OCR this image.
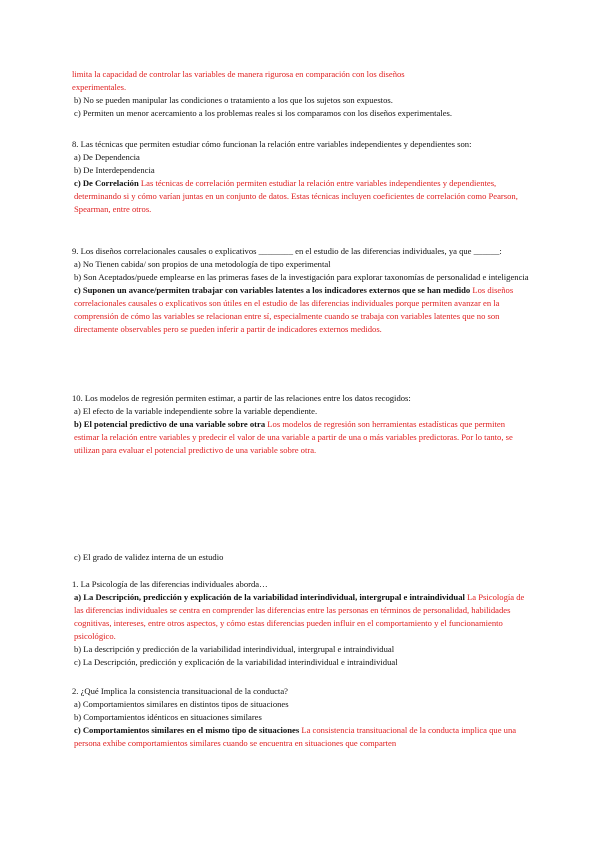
limita la capacidad de controlar las variables de manera rigurosa en comparación con los diseños

experimentales.

b) No se pueden manipular las condiciones o tratamiento a los que los sujetos son expuestos.

c) Permiten un menor acercamiento a los problemas reales si los comparamos con los diseños experimentales.

8. Las técnicas que permiten estudiar cómo funcionan la relación entre variables independientes y dependientes son:

a) De Dependencia

b) De Interdependencia

c) De Correlación Las técnicas de correlación permiten estudiar la relación entre variables independientes y dependientes, determinando si y cómo varían juntas en un conjunto de datos. Estas técnicas incluyen coeficientes de correlación como Pearson, Spearman, entre otros.

9. Los diseños correlacionales causales o explicativos ________ en el estudio de las diferencias individuales, ya que ______:

a) No Tienen cabida/ son propios de una metodología de tipo experimental

b) Son Aceptados/puede emplearse en las primeras fases de la investigación para explorar taxonomías de personalidad e inteligencia

c) Suponen un avance/permiten trabajar con variables latentes a los indicadores externos que se han medido Los diseños correlacionales causales o explicativos son útiles en el estudio de las diferencias individuales porque permiten avanzar en la comprensión de cómo las variables se relacionan entre sí, especialmente cuando se trabaja con variables latentes que no son directamente observables pero se pueden inferir a partir de indicadores externos medidos.

10. Los modelos de regresión permiten estimar, a partir de las relaciones entre los datos recogidos:

a) El efecto de la variable independiente sobre la variable dependiente.

b) El potencial predictivo de una variable sobre otra Los modelos de regresión son herramientas estadísticas que permiten estimar la relación entre variables y predecir el valor de una variable a partir de una o más variables predictoras. Por lo tanto, se utilizan para evaluar el potencial predictivo de una variable sobre otra.

c) El grado de validez interna de un estudio

1. La Psicología de las diferencias individuales aborda…

a) La Descripción, predicción y explicación de la variabilidad interindividual, intergrupal e intraindividual La Psicología de las diferencias individuales se centra en comprender las diferencias entre las personas en términos de personalidad, habilidades cognitivas, intereses, entre otros aspectos, y cómo estas diferencias pueden influir en el comportamiento y el funcionamiento psicológico.

b) La descripción y predicción de la variabilidad interindividual, intergrupal e intraindividual

c) La Descripción, predicción y explicación de la variabilidad interindividual e intraindividual

2. ¿Qué Implica la consistencia transituacional de la conducta?

a) Comportamientos similares en distintos tipos de situaciones

b) Comportamientos idénticos en situaciones similares

c) Comportamientos similares en el mismo tipo de situaciones La consistencia transituacional de la conducta implica que una persona exhibe comportamientos similares cuando se encuentra en situaciones que comparten
